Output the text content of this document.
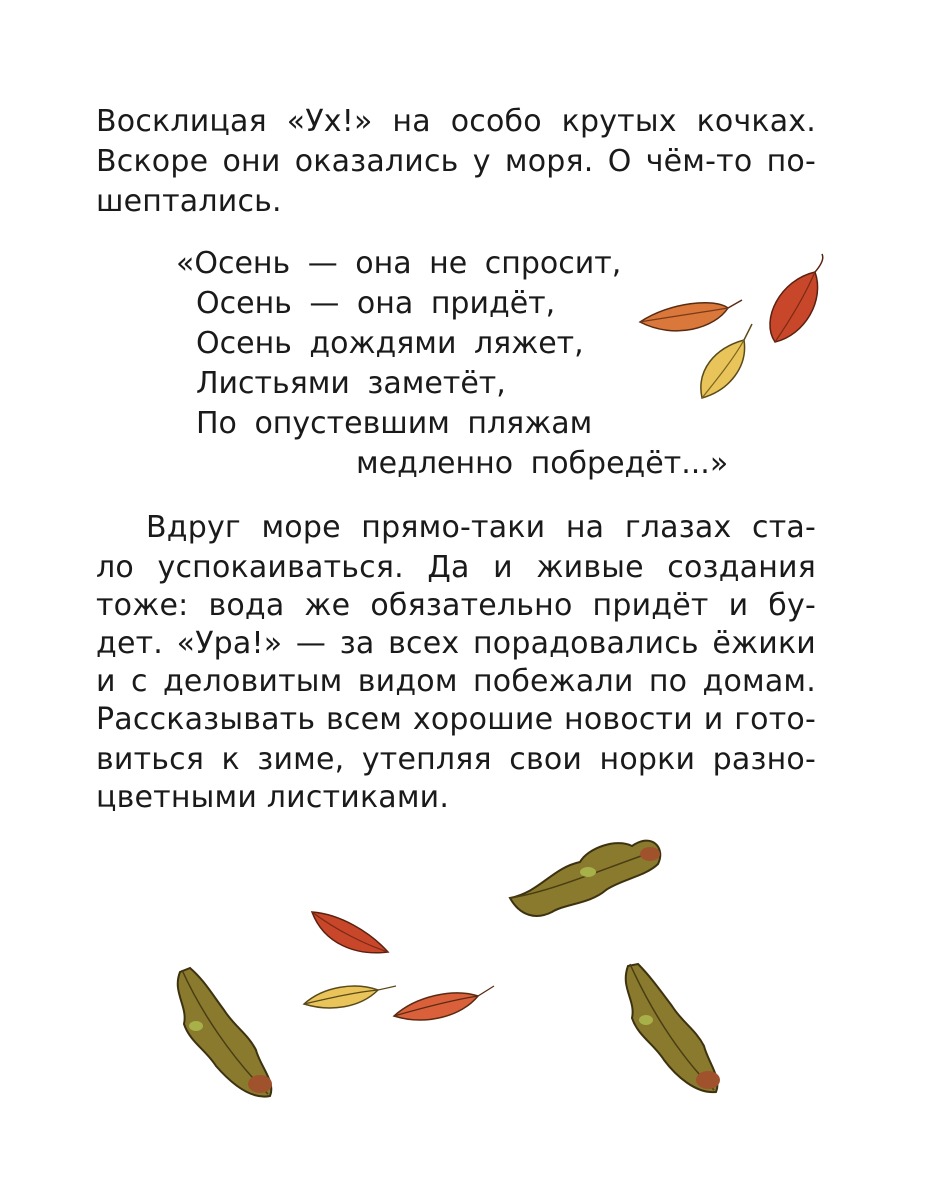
Восклицая «Ух!» на особо крутых кочках.
Вскоре они оказались у моря. О чём-то по-
шептались.
«Осень — она не спросит,
Осень — она придёт,
Осень дождями ляжет,
Листьями заметёт,
По опустевшим пляжам
медленно побредёт...»
Вдруг море прямо-таки на глазах ста-
ло успокаиваться. Да и живые создания
тоже: вода же обязательно придёт и бу-
дет. «Ура!» — за всех порадовались ёжики
и с деловитым видом побежали по домам.
Рассказывать всем хорошие новости и гото-
виться к зиме, утепляя свои норки разно-
цветными листиками.
